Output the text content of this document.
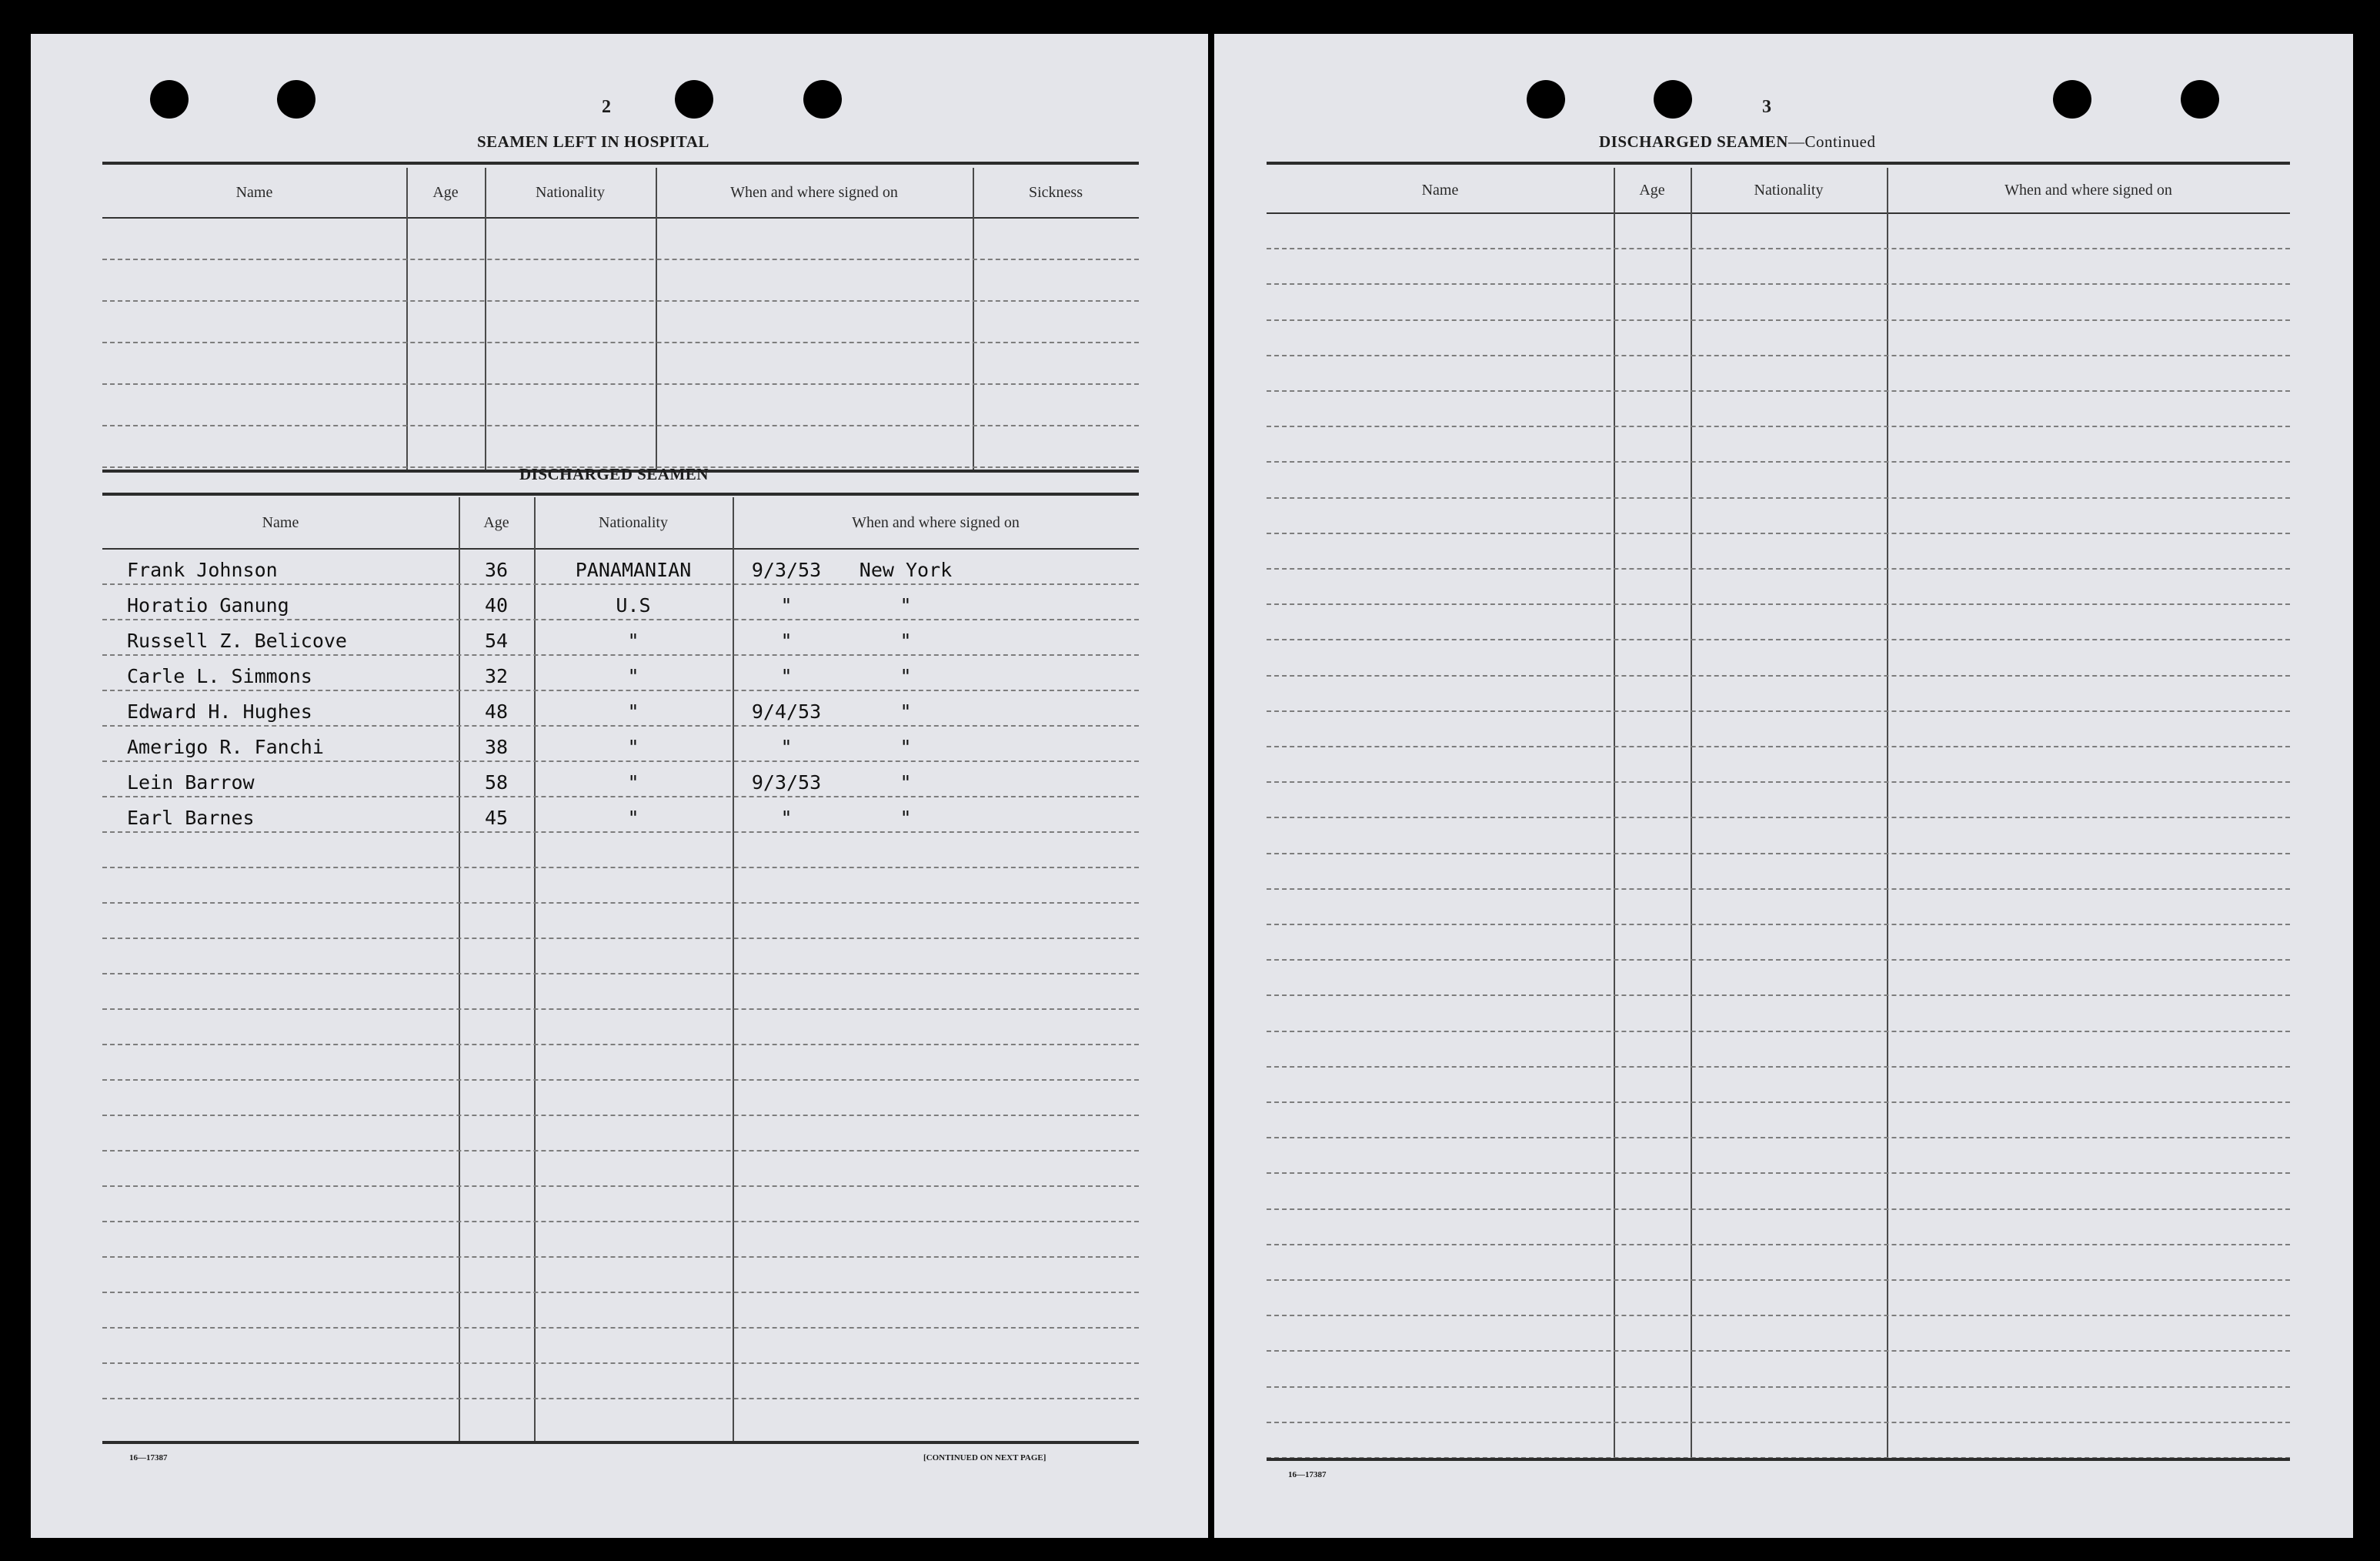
2
SEAMEN LEFT IN HOSPITAL
Name	Age	Nationality	When and where signed on	Sickness
DISCHARGED SEAMEN
Name	Age	Nationality	When and where signed on
Frank Johnson	36	PANAMANIAN	9/3/53	New York
Horatio Ganung	40	U.S	"	"
Russell Z. Belicove	54	"	"	"
Carle L. Simmons	32	"	"	"
Edward H. Hughes	48	"	9/4/53	"
Amerigo R. Fanchi	38	"	"	"
Lein Barrow	58	"	9/3/53	"
Earl Barnes	45	"	"	"
16—17387	[CONTINUED ON NEXT PAGE]
3
DISCHARGED SEAMEN—Continued
Name	Age	Nationality	When and where signed on
16—17387
